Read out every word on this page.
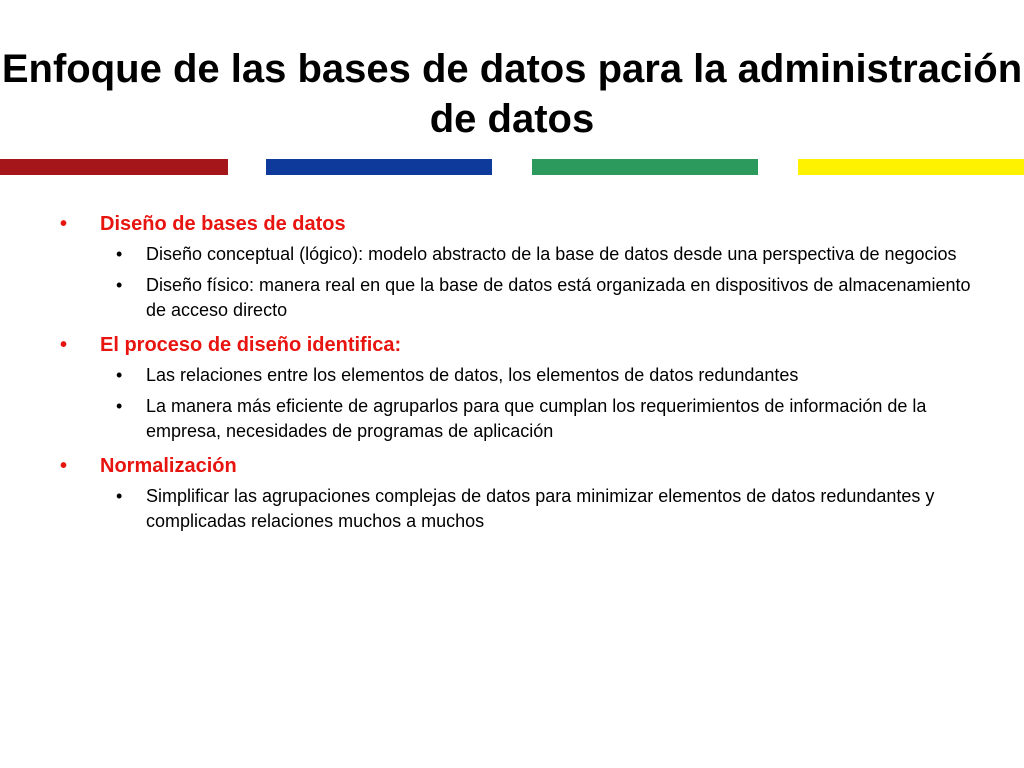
Enfoque de las bases de datos para la administración de datos
•	Diseño de bases de datos
• Diseño conceptual (lógico): modelo abstracto de la base de datos desde una perspectiva de negocios
• Diseño físico: manera real en que la base de datos está organizada en dispositivos de almacenamiento de acceso directo
•	El proceso de diseño identifica:
• Las relaciones entre los elementos de datos, los elementos de datos redundantes
• La manera más eficiente de agruparlos para que cumplan los requerimientos de información de la empresa, necesidades de programas de aplicación
•	Normalización
• Simplificar las agrupaciones complejas de datos para minimizar elementos de datos redundantes y complicadas relaciones muchos a muchos
